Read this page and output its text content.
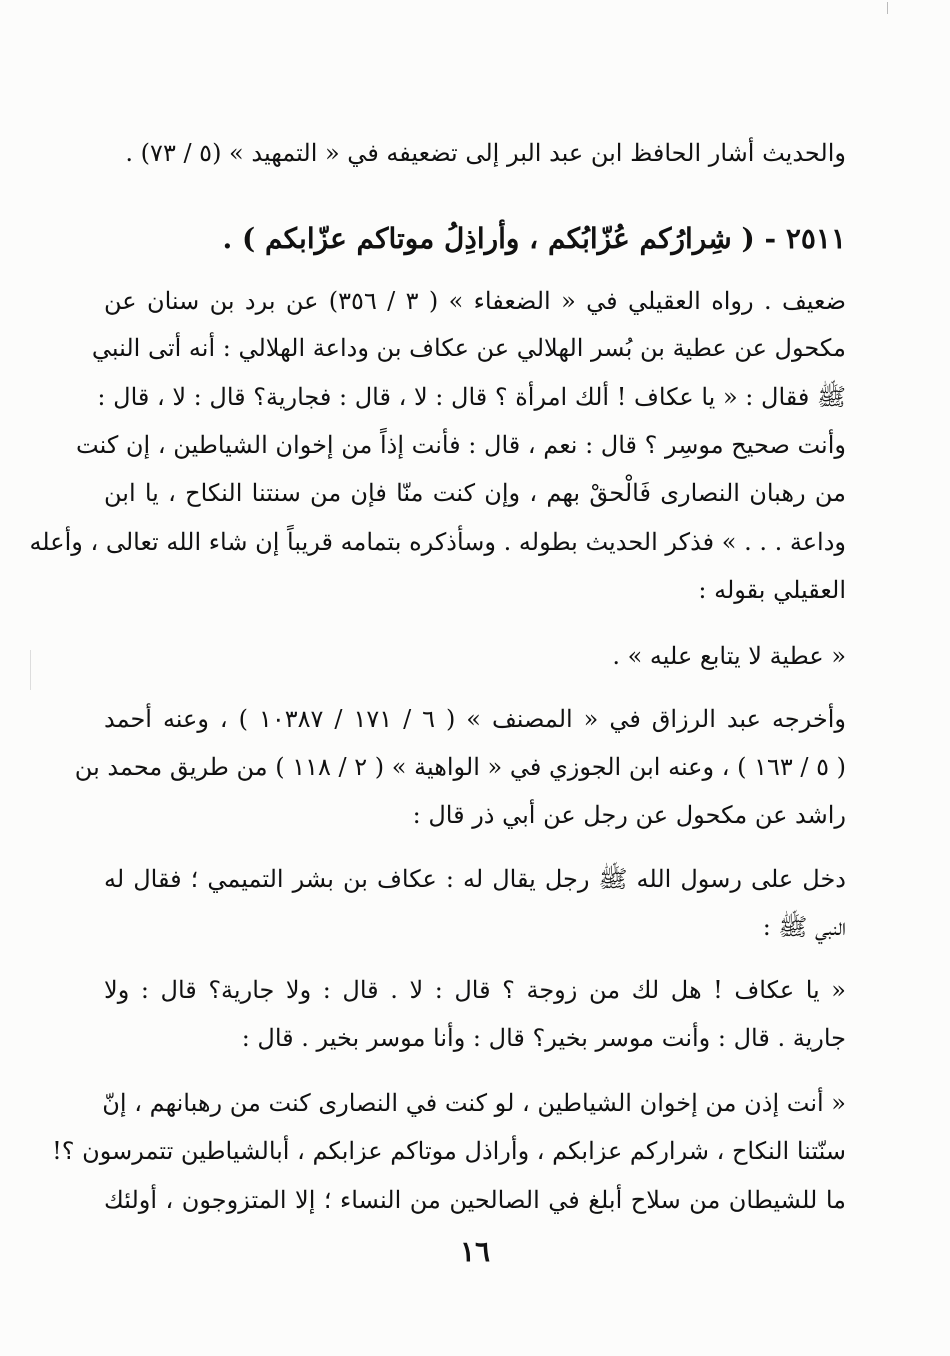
والحديث أشار الحافظ ابن عبد البر إلى تضعيفه في « التمهيد » (٥ / ٧٣) .
٢٥١١ - ( شِرارُكم عُزّابُكم ، وأراذِلُ موتاكم عزّابكم ) .
ضعيف . رواه العقيلي في « الضعفاء » ( ٣ / ٣٥٦) عن برد بن سنان عن
مكحول عن عطية بن بُسر الهلالي عن عكاف بن وداعة الهلالي : أنه أتى النبي
ﷺ فقال : « يا عكاف ! ألك امرأة ؟ قال : لا ، قال : فجارية؟ قال : لا ، قال :
وأنت صحيح موسِر ؟ قال : نعم ، قال : فأنت إذاً من إخوان الشياطين ، إن كنت
من رهبان النصارى فَالْحقْ بهم ، وإن كنت منّا فإن من سنتنا النكاح ، يا ابن
وداعة . . . » فذكر الحديث بطوله . وسأذكره بتمامه قريباً إن شاء الله تعالى ، وأعله
العقيلي بقوله :
« عطية لا يتابع عليه » .
وأخرجه عبد الرزاق في « المصنف » ( ٦ / ١٧١ / ١٠٣٨٧ ) ، وعنه أحمد
( ٥ / ١٦٣ ) ، وعنه ابن الجوزي في « الواهية » ( ٢ / ١١٨ ) من طريق محمد بن
راشد عن مكحول عن رجل عن أبي ذر قال :
دخل على رسول الله ﷺ رجل يقال له : عكاف بن بشر التميمي ؛ فقال له
النبي ﷺ :
« يا عكاف ! هل لك من زوجة ؟ قال : لا . قال : ولا جارية؟ قال : ولا
جارية . قال : وأنت موسر بخير؟ قال : وأنا موسر بخير . قال :
« أنت إذن من إخوان الشياطين ، لو كنت في النصارى كنت من رهبانهم ، إنّ
سنّتنا النكاح ، شراركم عزابكم ، وأراذل موتاكم عزابكم ، أبالشياطين تتمرسون ؟!
ما للشيطان من سلاح أبلغ في الصالحين من النساء ؛ إلا المتزوجون ، أولئك
١٦
